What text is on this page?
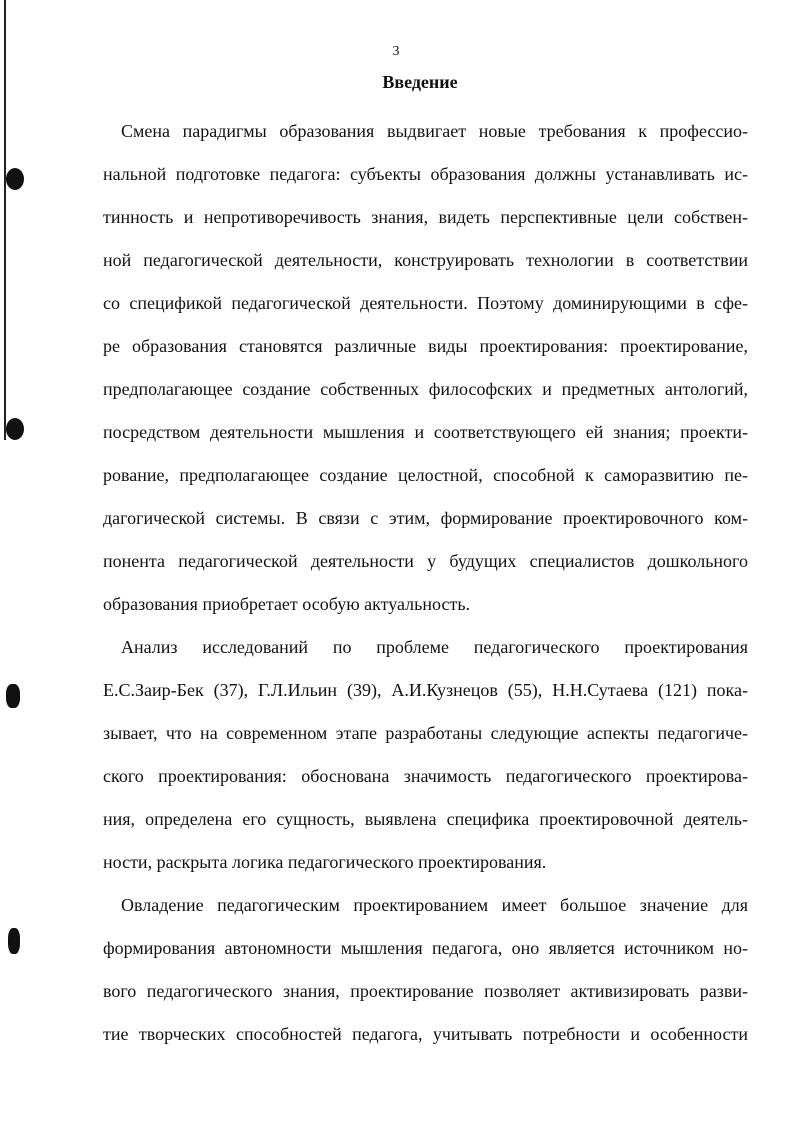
3
Введение
Смена парадигмы образования выдвигает новые требования к профессио-
нальной подготовке педагога: субъекты образования должны устанавливать ис-
тинность и непротиворечивость знания, видеть перспективные цели собствен-
ной педагогической деятельности, конструировать технологии в соответствии
со спецификой педагогической деятельности. Поэтому доминирующими в сфе-
ре образования становятся различные виды проектирования: проектирование,
предполагающее создание собственных философских и предметных антологий,
посредством деятельности мышления и соответствующего ей знания; проекти-
рование, предполагающее создание целостной, способной к саморазвитию пе-
дагогической системы. В связи с этим, формирование проектировочного ком-
понента педагогической деятельности у будущих специалистов дошкольного
образования приобретает особую актуальность.
Анализ исследований по проблеме педагогического проектирования
Е.С.Заир-Бек (37), Г.Л.Ильин (39), А.И.Кузнецов (55), Н.Н.Сутаева (121) пока-
зывает, что на современном этапе разработаны следующие аспекты педагогиче-
ского проектирования: обоснована значимость педагогического проектирова-
ния, определена его сущность, выявлена специфика проектировочной деятель-
ности, раскрыта логика педагогического проектирования.
Овладение педагогическим проектированием имеет большое значение для
формирования автономности мышления педагога, оно является источником но-
вого педагогического знания, проектирование позволяет активизировать разви-
тие творческих способностей педагога, учитывать потребности и особенности
